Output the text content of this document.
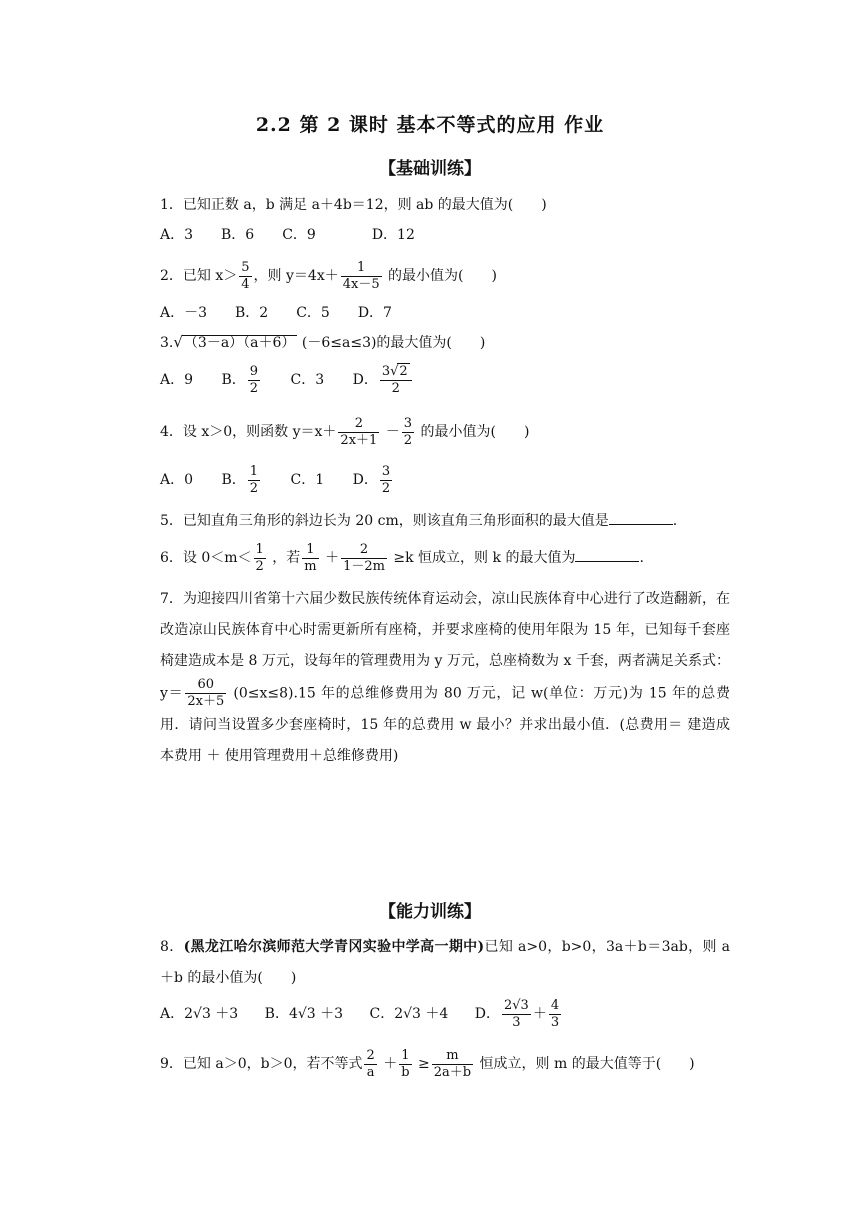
2.2 第 2 课时 基本不等式的应用 作业
【基础训练】
1．已知正数 a，b 满足 a＋4b＝12，则 ab 的最大值为(　　)
A．3　　B．6　　C．9　　　　D．12
2．已知 $x> \frac{5}{4}$ ，则 $y=4x+ \frac{1}{4x-5}$ 的最小值为(　　)
A．－3　　B．2　　C．5　　D．7
3.√（3－a）（a＋6） (－6≤a≤3)的最大值为(　　)
A．9 B． $\frac{9}{2}$ C．3 D． $\frac{3√2}{2}$
4．设 x＞0，则函数 $y=x+ \frac{2}{2x+1} - \frac{3}{2}$ 的最小值为(　　)
A．0 B． $\frac{1}{2}$ C．1 D． $\frac{3}{2}$
5．已知直角三角形的斜边长为 20 cm，则该直角三角形面积的最大值是	.
6．设 $0<m< \frac{1}{2}$ ，若 $\frac{1}{m} + \frac{2}{1-2m} \ge k$ 恒成立，则 k 的最大值为	.
7．为迎接四川省第十六届少数民族传统体育运动会，凉山民族体育中心进行了改造翻新，在改造凉山民族体育中心时需更新所有座椅，并要求座椅的使用年限为 15 年，已知每千套座椅建造成本是 8 万元，设每年的管理费用为 y 万元，总座椅数为 x 千套，两者满足关系式：$y= \frac{60}{2x+5} (0\le x\le 8).15$ 年的总维修费用为 80 万元，记 w(单位：万元)为 15 年的总费用．请问当设置多少套座椅时，15 年的总费用 w 最小？并求出最小值．(总费用＝ 建造成本费用 ＋ 使用管理费用＋总维修费用)
【能力训练】
8．(黑龙江哈尔滨师范大学青冈实验中学高一期中)已知 a>0，b>0，3a＋b＝3ab，则 a＋b 的最小值为(　　)
A．2√3 ＋3 B．4√3 ＋3 C．2√3 ＋4 D． $\frac{2√3}{3} + \frac{4}{3}$
9．已知 a＞0，b＞0，若不等式 $\frac{2}{a} + \frac{1}{b} \ge \frac{m}{2a+b}$ 恒成立，则 m 的最大值等于(　　)
